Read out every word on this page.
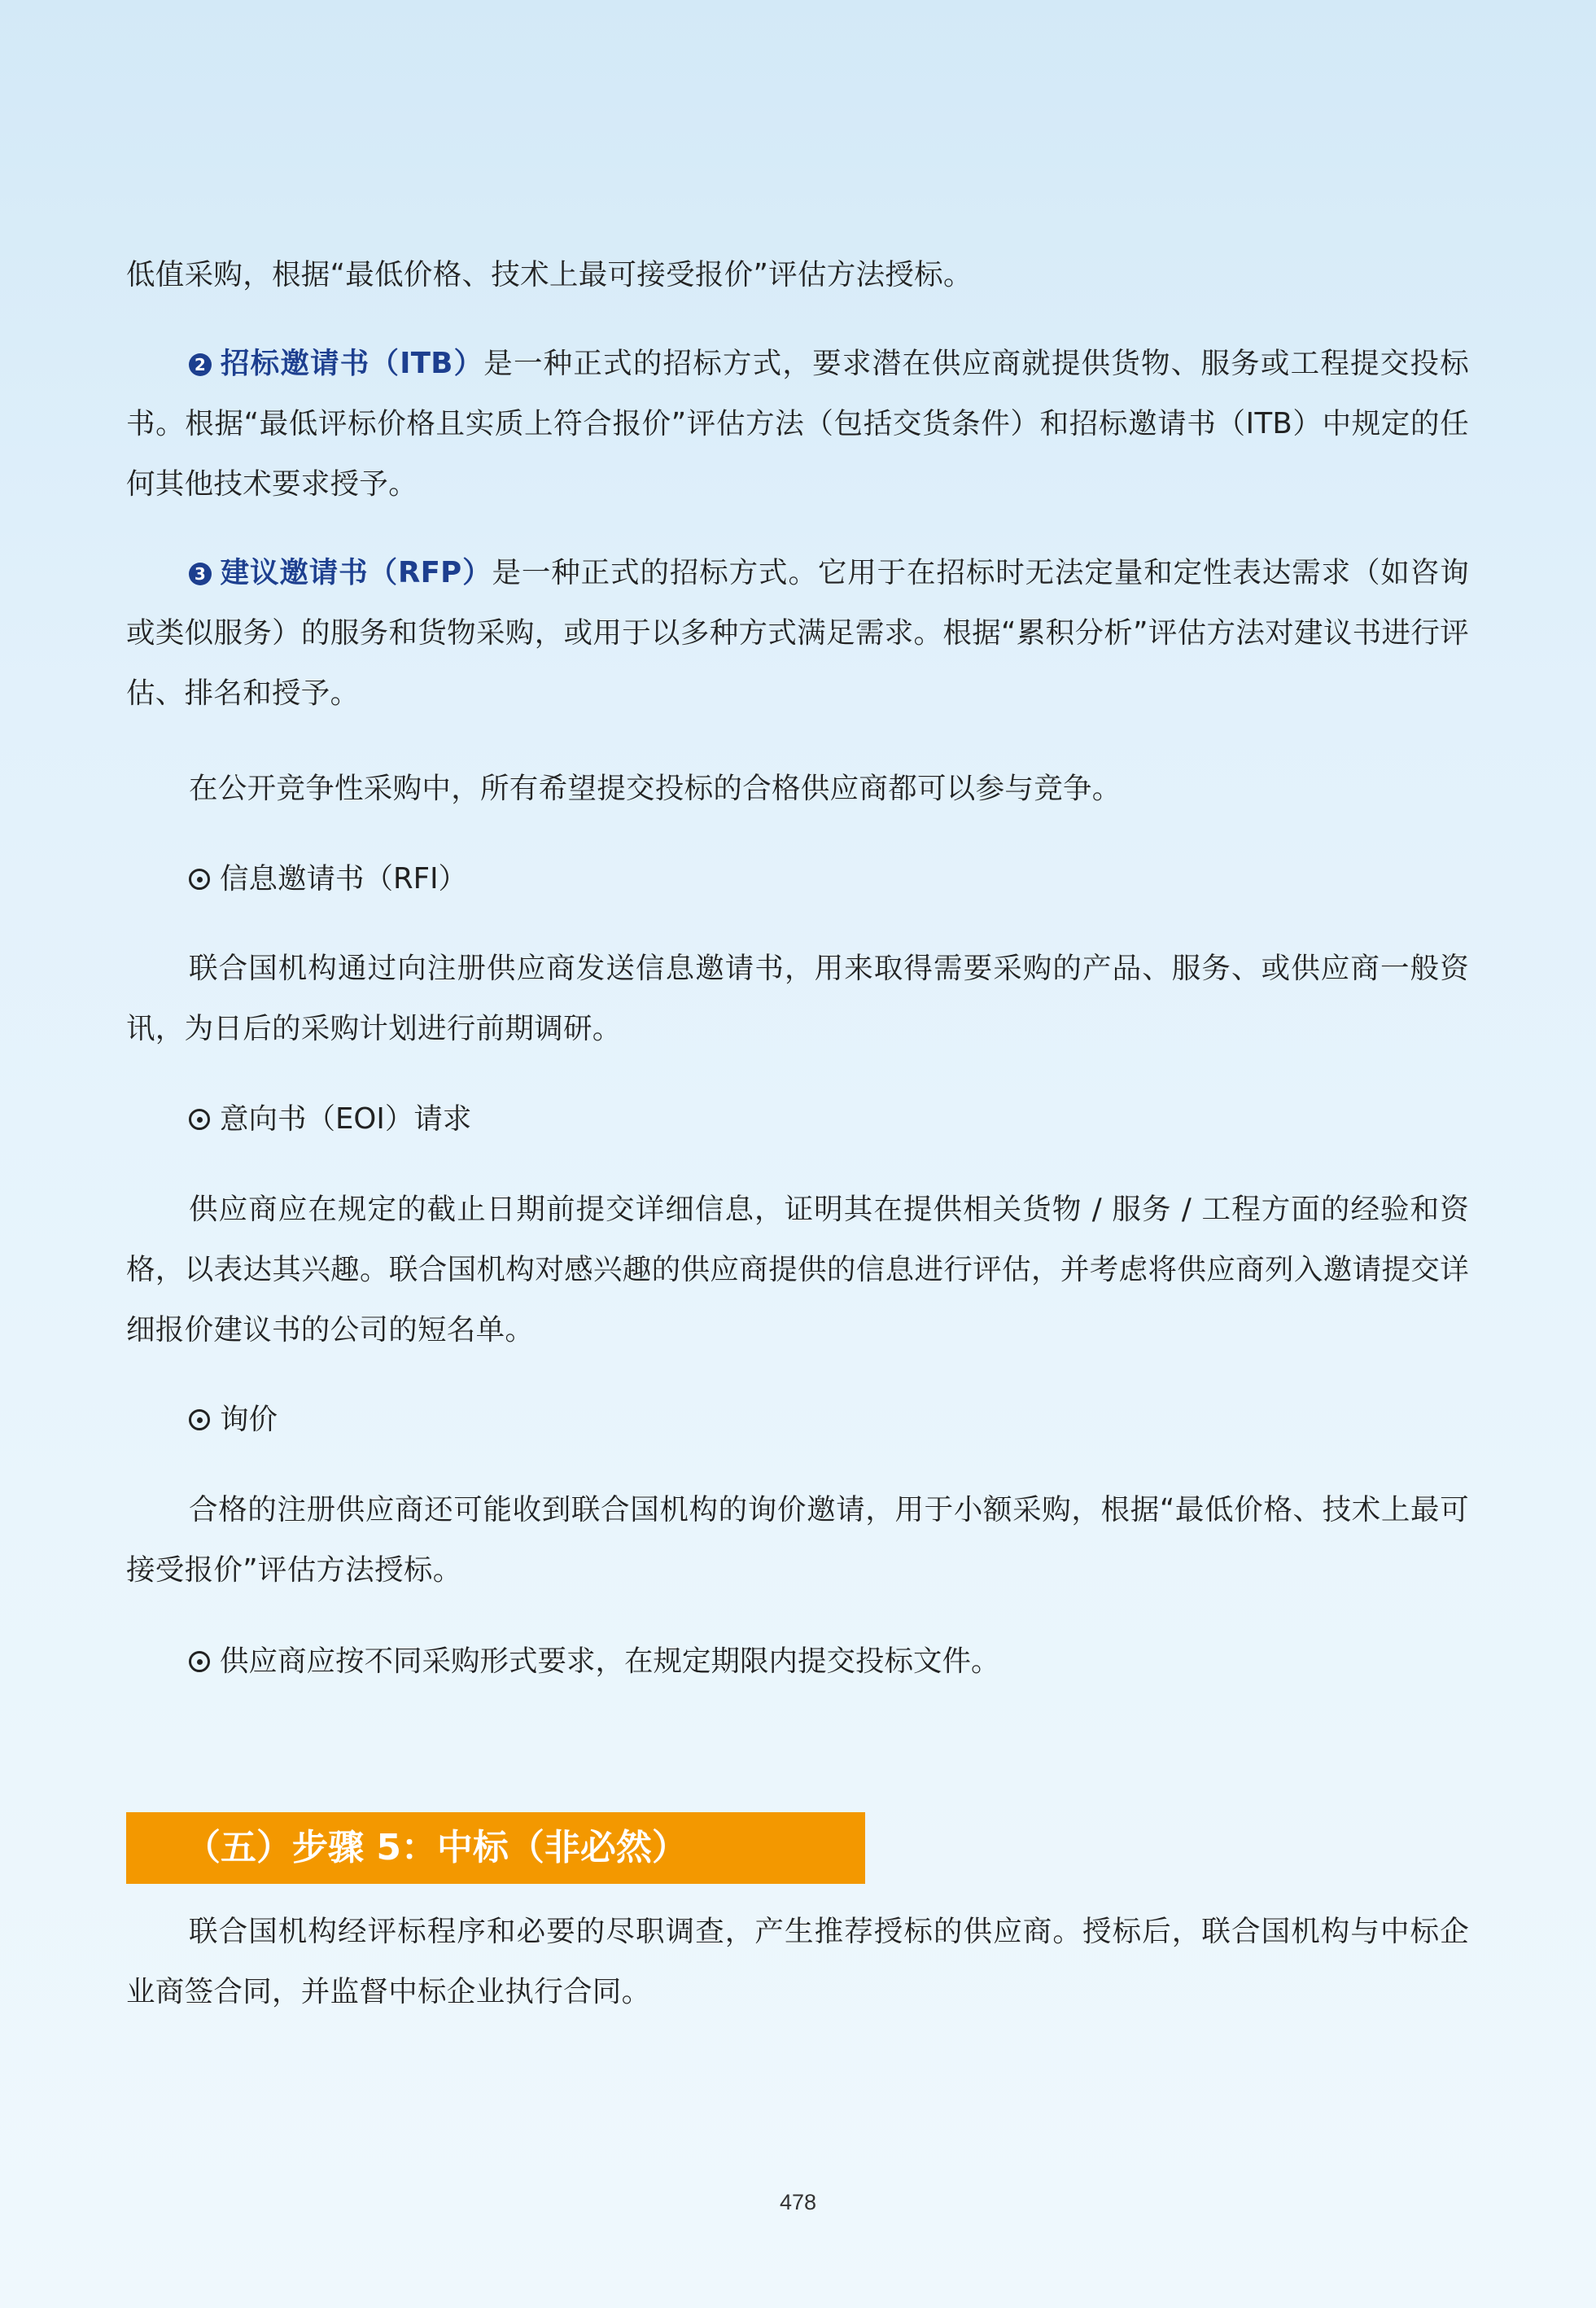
低值采购，根据“最低价格、技术上最可接受报价”评估方法授标。

2 招标邀请书（ITB）是一种正式的招标方式，要求潜在供应商就提供货物、服务或工程提交投标书。根据“最低评标价格且实质上符合报价”评估方法（包括交货条件）和招标邀请书（ITB）中规定的任何其他技术要求授予。

3 建议邀请书（RFP）是一种正式的招标方式。它用于在招标时无法定量和定性表达需求（如咨询或类似服务）的服务和货物采购，或用于以多种方式满足需求。根据“累积分析”评估方法对建议书进行评估、排名和授予。

在公开竞争性采购中，所有希望提交投标的合格供应商都可以参与竞争。

信息邀请书（RFI）

联合国机构通过向注册供应商发送信息邀请书，用来取得需要采购的产品、服务、或供应商一般资讯，为日后的采购计划进行前期调研。

意向书（EOI）请求

供应商应在规定的截止日期前提交详细信息，证明其在提供相关货物 / 服务 / 工程方面的经验和资格，以表达其兴趣。联合国机构对感兴趣的供应商提供的信息进行评估，并考虑将供应商列入邀请提交详细报价建议书的公司的短名单。

询价

合格的注册供应商还可能收到联合国机构的询价邀请，用于小额采购，根据“最低价格、技术上最可接受报价”评估方法授标。

供应商应按不同采购形式要求，在规定期限内提交投标文件。

（五）步骤 5：中标（非必然）

联合国机构经评标程序和必要的尽职调查，产生推荐授标的供应商。授标后，联合国机构与中标企业商签合同，并监督中标企业执行合同。

478
